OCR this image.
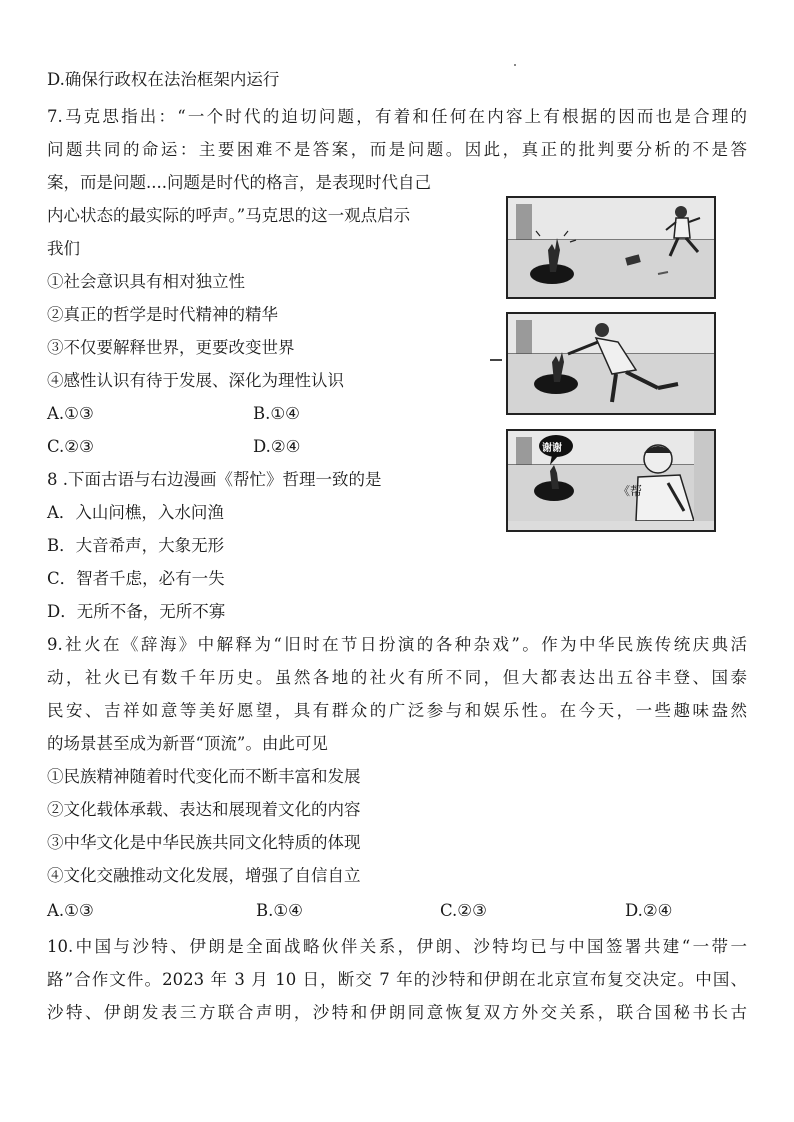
D.确保行政权在法治框架内运行
7.马克思指出：“一个时代的迫切问题，有着和任何在内容上有根据的因而也是合理的
问题共同的命运：主要困难不是答案，而是问题。因此，真正的批判要分析的不是答
案，而是问题....问题是时代的格言，是表现时代自己
内心状态的最实际的呼声。”马克思的这一观点启示
我们
①社会意识具有相对独立性
②真正的哲学是时代精神的精华
③不仅要解释世界，更要改变世界
④感性认识有待于发展、深化为理性认识
A.①③	B.①④
C.②③	D.②④
8 .下面古语与右边漫画《帮忙》哲理一致的是
A．入山问樵，入水问渔
B．大音希声，大象无形
C．智者千虑，必有一失
D．无所不备，无所不寡
9.社火在《辞海》中解释为“旧时在节日扮演的各种杂戏”。作为中华民族传统庆典活
动，社火已有数千年历史。虽然各地的社火有所不同，但大都表达出五谷丰登、国泰
民安、吉祥如意等美好愿望，具有群众的广泛参与和娱乐性。在今天，一些趣味盎然
的场景甚至成为新晋“顶流”。由此可见
①民族精神随着时代变化而不断丰富和发展
②文化载体承载、表达和展现着文化的内容
③中华文化是中华民族共同文化特质的体现
④文化交融推动文化发展，增强了自信自立
A.①③	B.①④	C.②③	D.②④
10.中国与沙特、伊朗是全面战略伙伴关系，伊朗、沙特均已与中国签署共建“一带一
路”合作文件。2023 年 3 月 10 日，断交 7 年的沙特和伊朗在北京宣布复交决定。中国、
沙特、伊朗发表三方联合声明，沙特和伊朗同意恢复双方外交关系，联合国秘书长古
谢谢
《帮
